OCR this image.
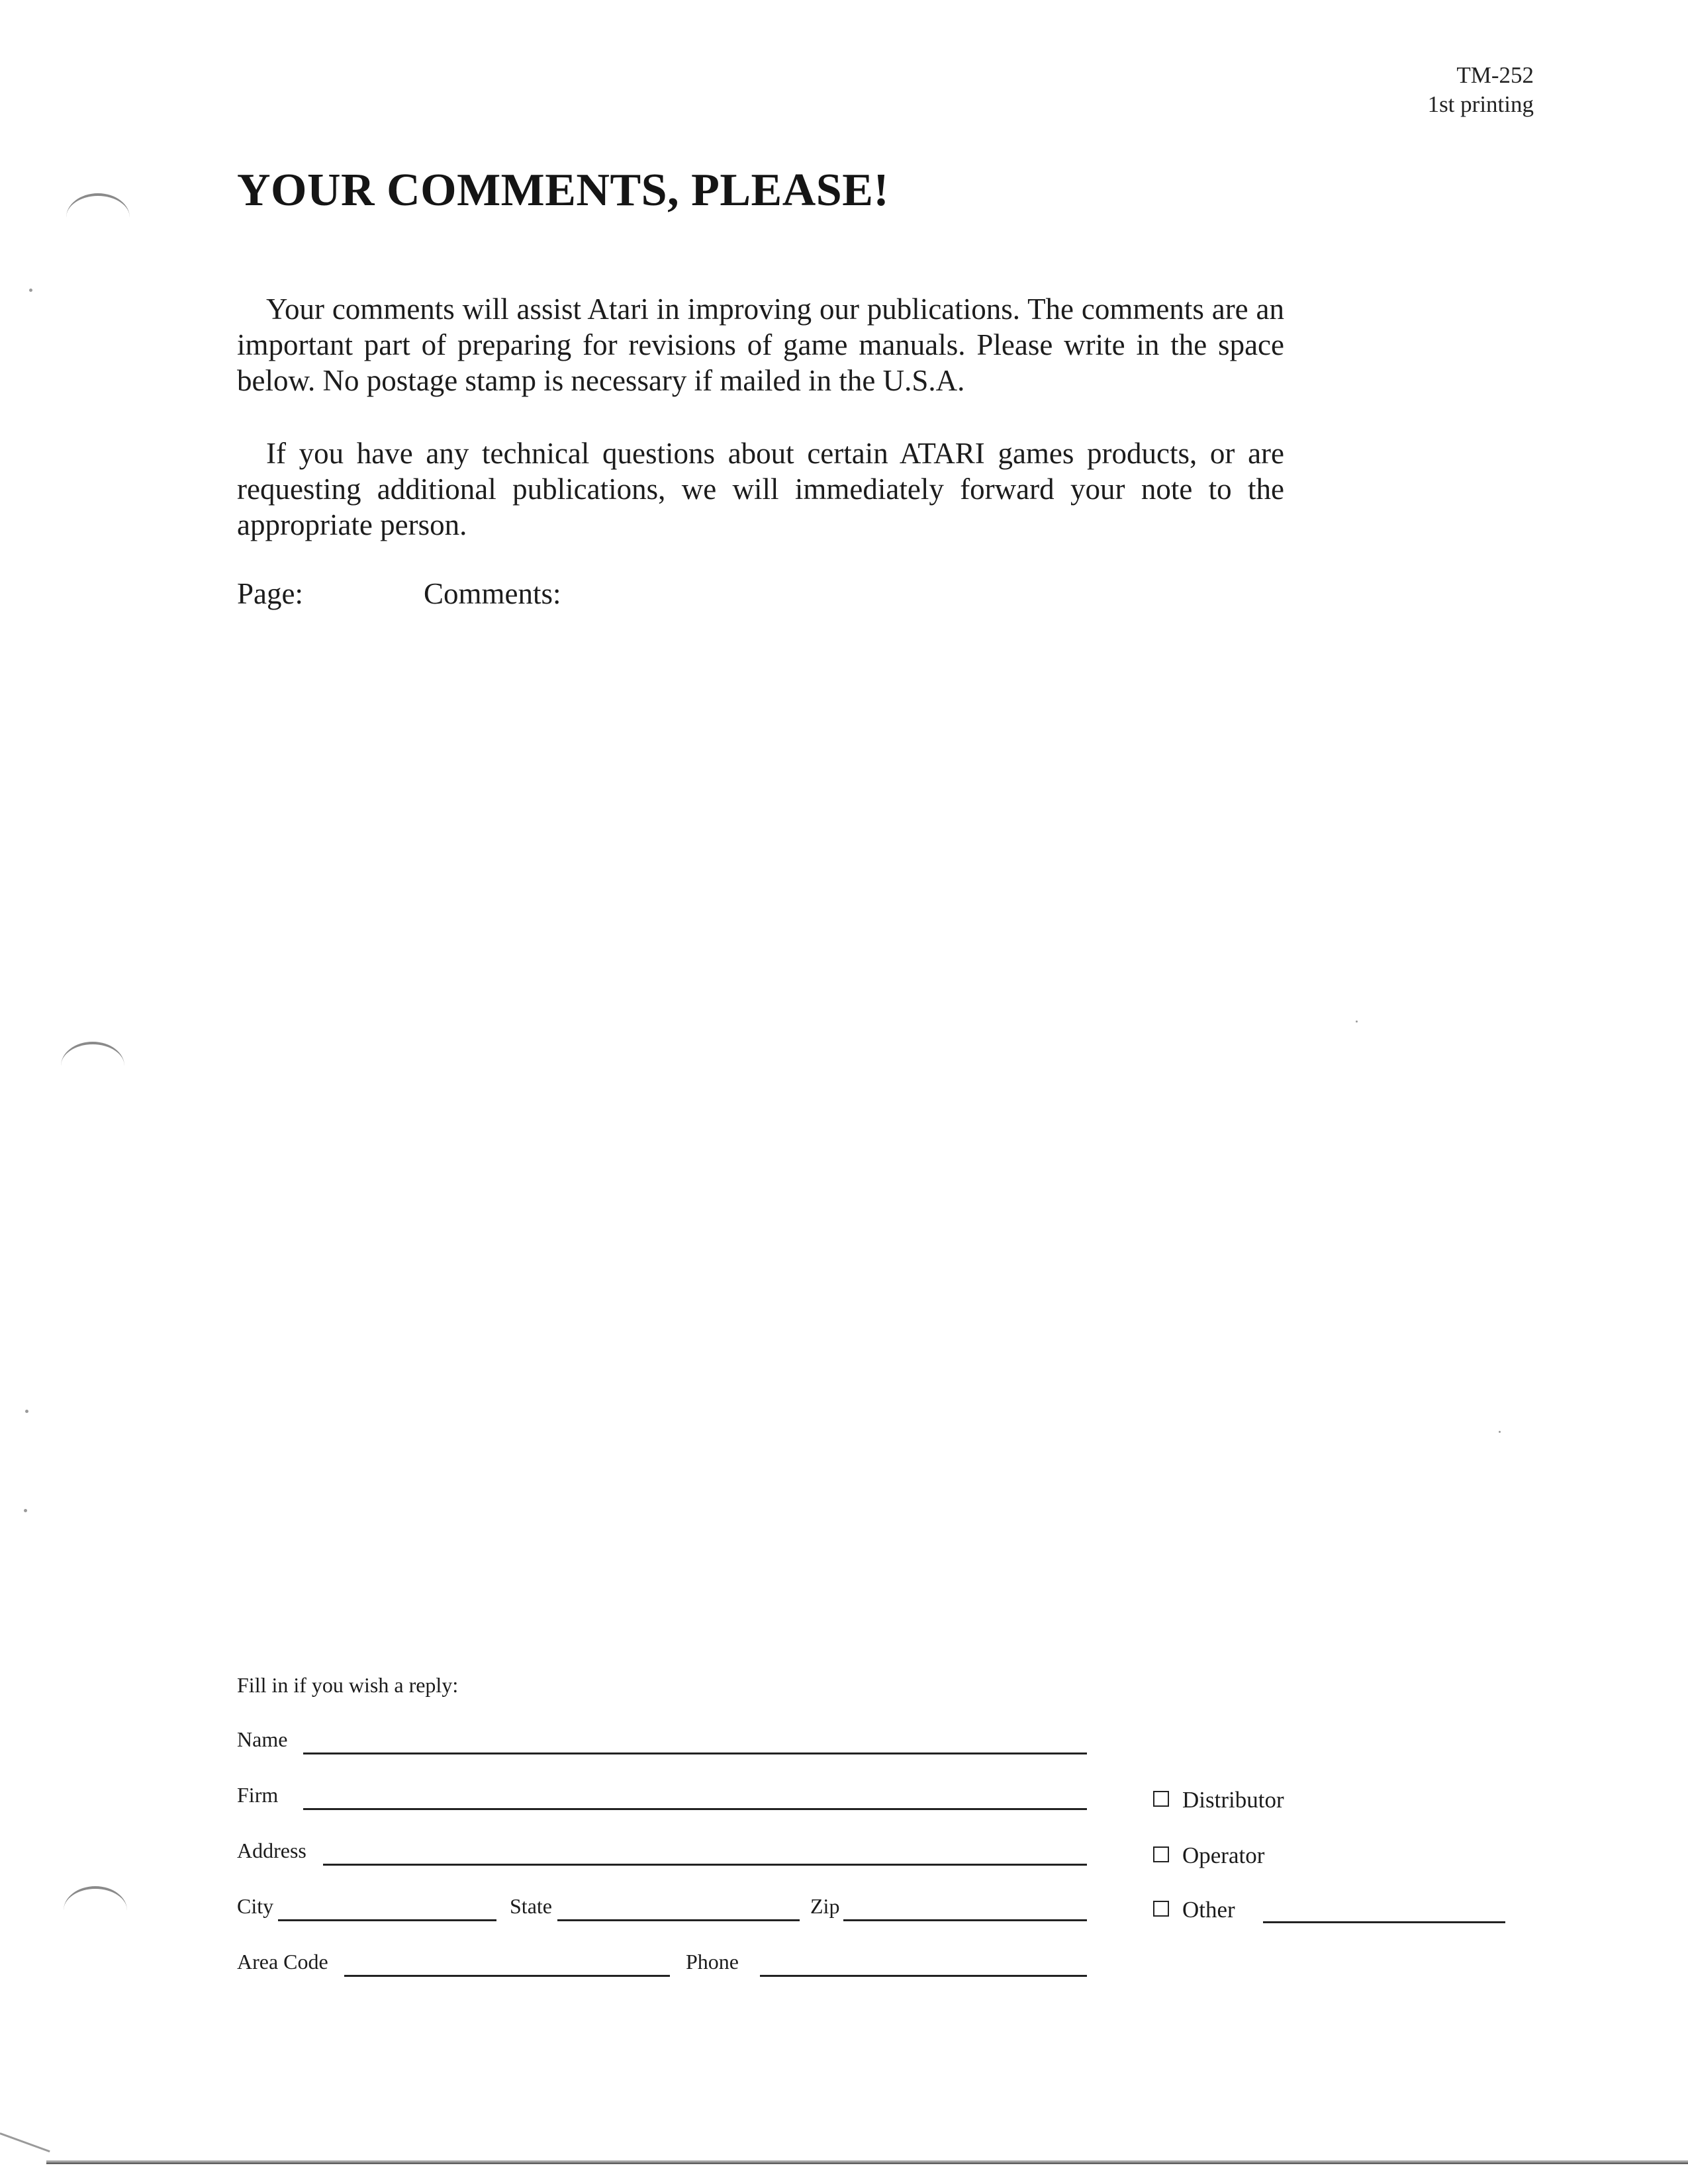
TM-252
1st printing
YOUR COMMENTS, PLEASE!

Your comments will assist Atari in improving our publications. The comments are an important part of preparing for revisions of game manuals. Please write in the space below. No postage stamp is necessary if mailed in the U.S.A.

If you have any technical questions about certain ATARI games products, or are requesting additional publications, we will immediately forward your note to the appropriate person.

Page:	Comments:
Fill in if you wish a reply:
Name
Firm
Address
City	State	Zip
Area Code	Phone
Distributor
Operator
Other
